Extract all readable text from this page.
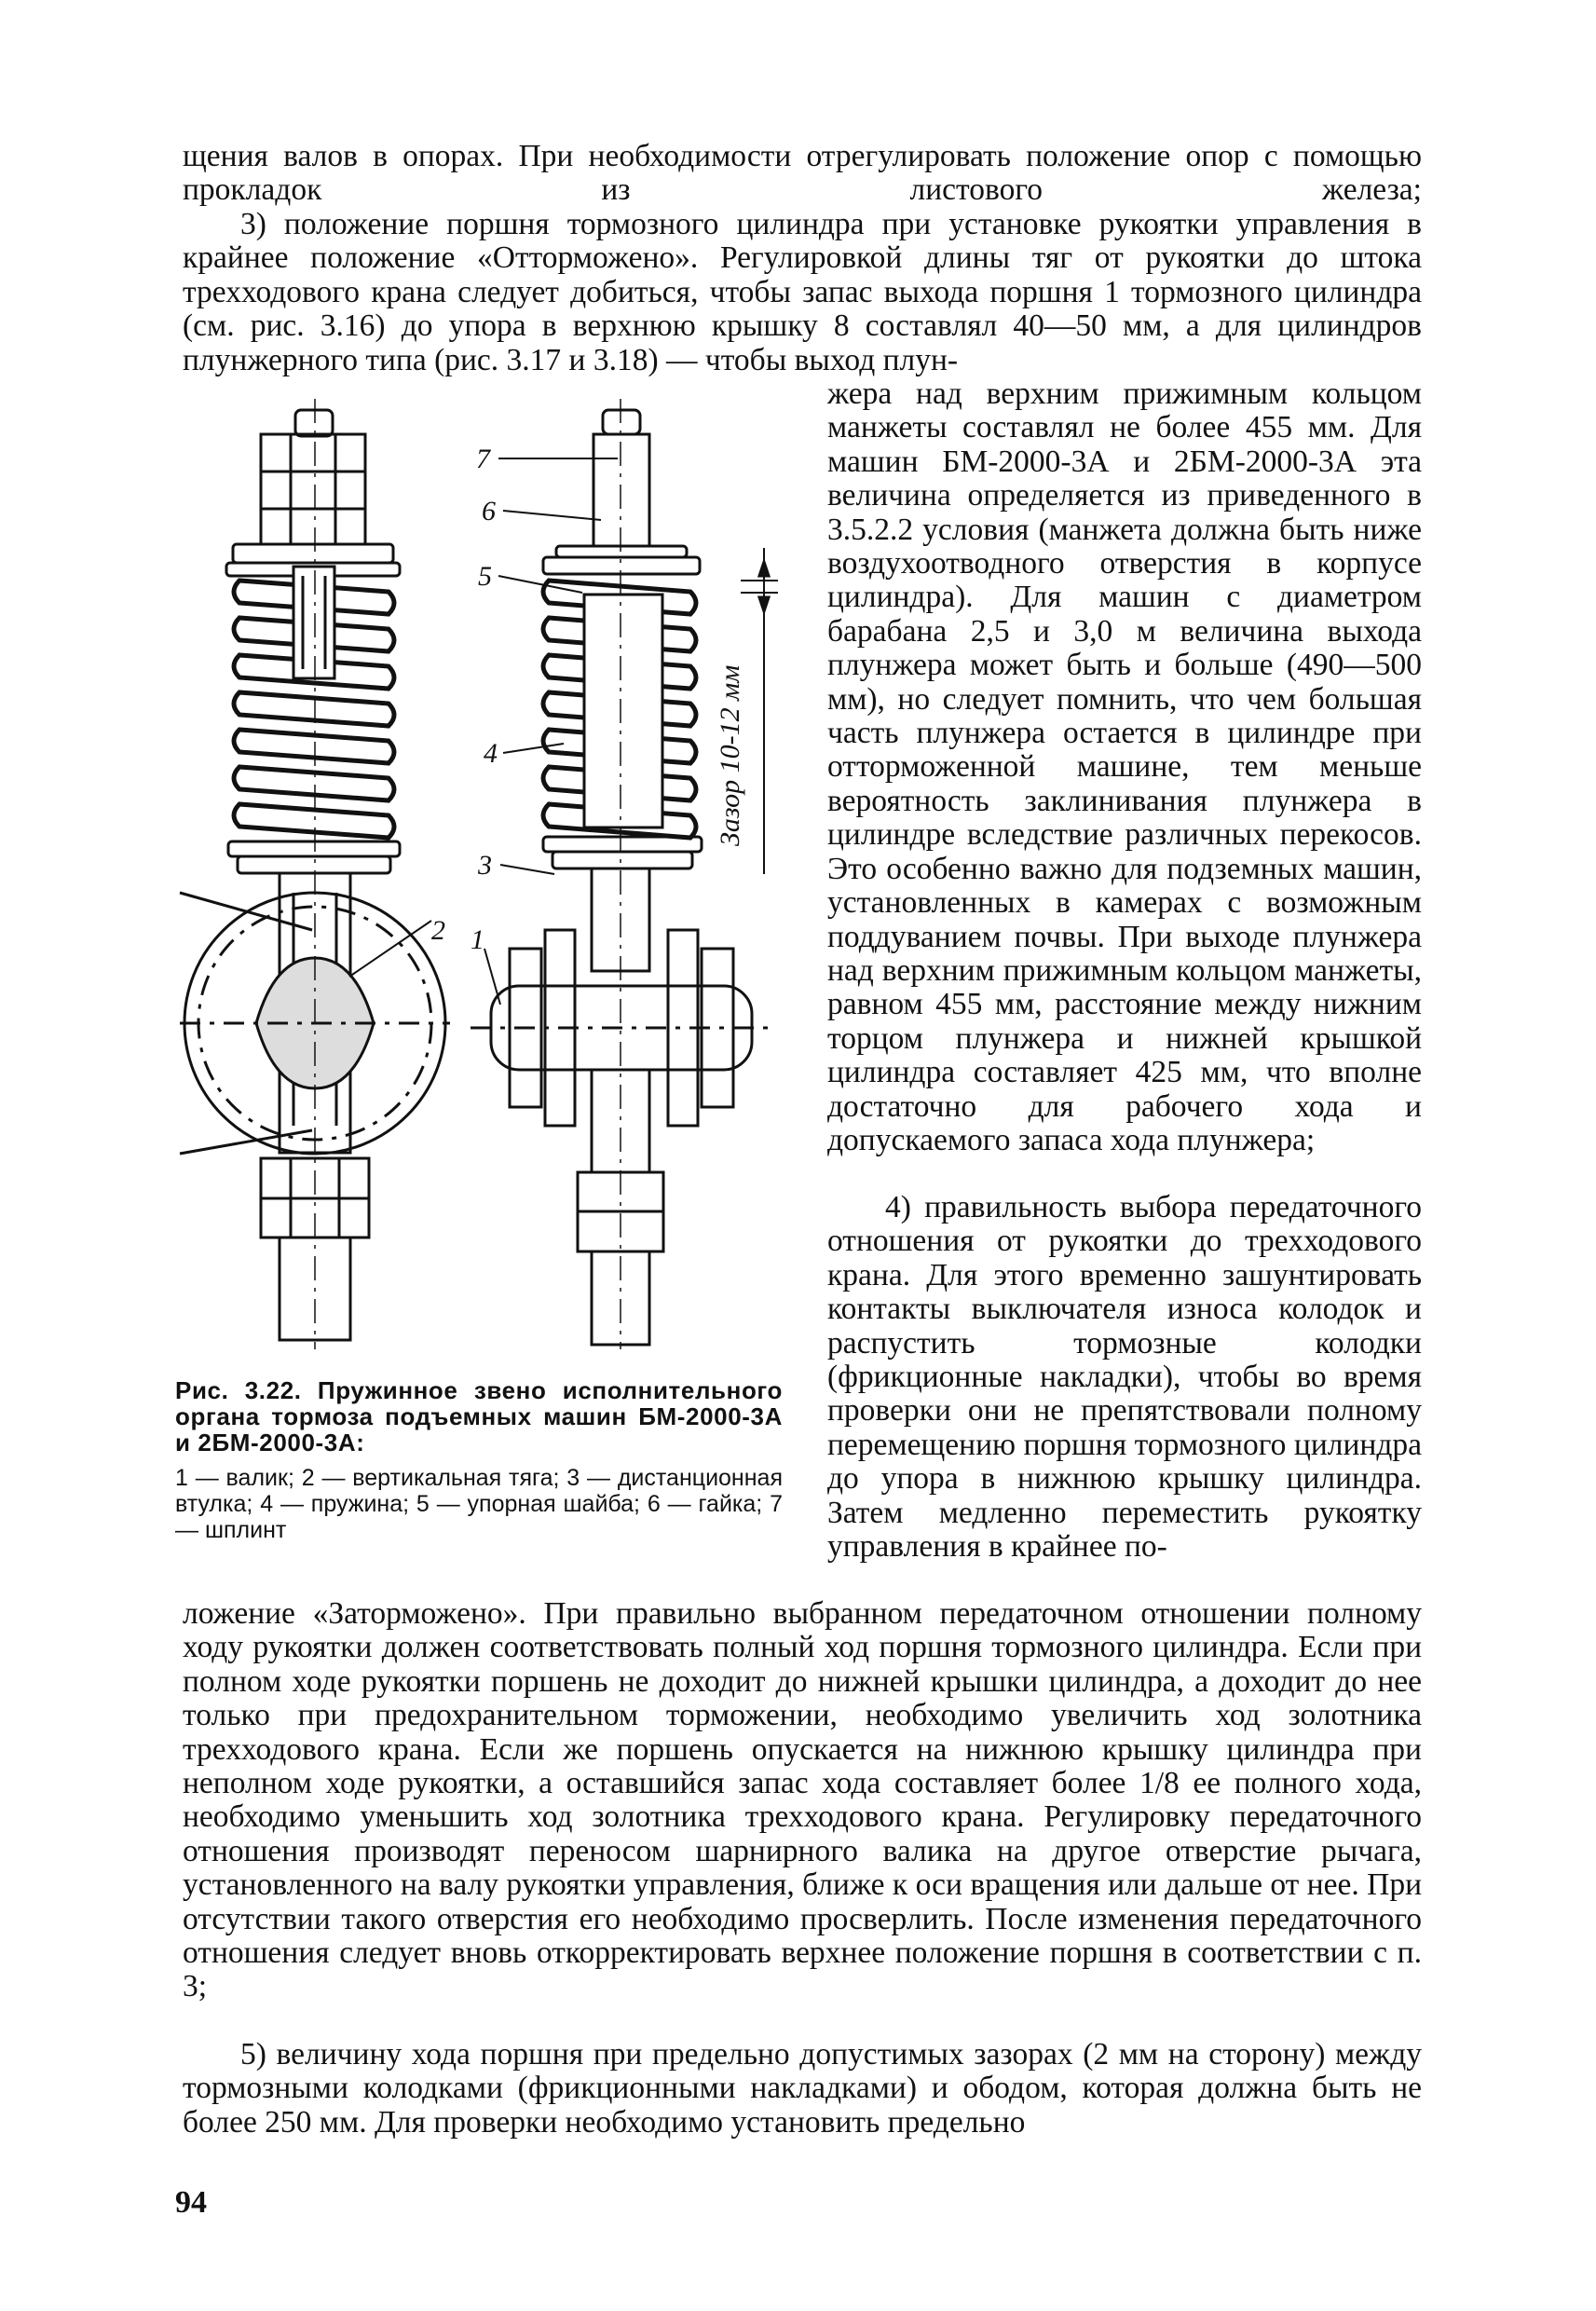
щения валов в опорах. При необходимости отрегулировать положение опор с помощью прокладок из листового железа;

3) положение поршня тормозного цилиндра при установке рукоятки управления в крайнее положение «Отторможено». Регулировкой длины тяг от рукоятки до штока трехходового крана следует добиться, чтобы запас выхода поршня 1 тормозного цилиндра (см. рис. 3.16) до упора в верхнюю крышку 8 составлял 40—50 мм, а для цилиндров плунжерного типа (рис. 3.17 и 3.18) — чтобы выход плун-

жера над верхним прижимным кольцом манжеты составлял не более 455 мм. Для машин БМ-2000-3А и 2БМ-2000-3А эта величина определяется из приведенного в 3.5.2.2 условия (манжета должна быть ниже воздухоотводного отверстия в корпусе цилиндра). Для машин с диаметром барабана 2,5 и 3,0 м величина выхода плунжера может быть и больше (490—500 мм), но следует помнить, что чем большая часть плунжера остается в цилиндре при отторможенной машине, тем меньше вероятность заклинивания плунжера в цилиндре вследствие различных перекосов. Это особенно важно для подземных машин, установленных в камерах с возможным поддуванием почвы. При выходе плунжера над верхним прижимным кольцом манжеты, равном 455 мм, расстояние между нижним торцом плунжера и нижней крышкой цилиндра составляет 425 мм, что вполне достаточно для рабочего хода и допускаемого запаса хода плунжера;

4) правильность выбора передаточного отношения от рукоятки до трехходового крана. Для этого временно зашунтировать контакты выключателя износа колодок и распустить тормозные колодки (фрикционные накладки), чтобы во время проверки они не препятствовали полному перемещению поршня тормозного цилиндра до упора в нижнюю крышку цилиндра. Затем медленно переместить рукоятку управления в крайнее по-

ложение «Заторможено». При правильно выбранном передаточном отношении полному ходу рукоятки должен соответствовать полный ход поршня тормозного цилиндра. Если при полном ходе рукоятки поршень не доходит до нижней крышки цилиндра, а доходит до нее только при предохранительном торможении, необходимо увеличить ход золотника трехходового крана. Если же поршень опускается на нижнюю крышку цилиндра при неполном ходе рукоятки, а оставшийся запас хода составляет более 1/8 ее полного хода, необходимо уменьшить ход золотника трехходового крана. Регулировку передаточного отношения производят переносом шарнирного валика на другое отверстие рычага, установленного на валу рукоятки управления, ближе к оси вращения или дальше от нее. При отсутствии такого отверстия его необходимо просверлить. После изменения передаточного отношения следует вновь откорректировать верхнее положение поршня в соответствии с п. 3;

5) величину хода поршня при предельно допустимых зазорах (2 мм на сторону) между тормозными колодками (фрикционными накладками) и ободом, которая должна быть не более 250 мм. Для проверки необходимо установить предельно

7
6
5
4
3
2 1
Зазор 10-12 мм

Рис. 3.22. Пружинное звено исполнительного органа тормоза подъемных машин БМ-2000-3А и 2БМ-2000-3А:

1 — валик; 2 — вертикальная тяга; 3 — дистанционная втулка; 4 — пружина; 5 — упорная шайба; 6 — гайка; 7 — шплинт

94
